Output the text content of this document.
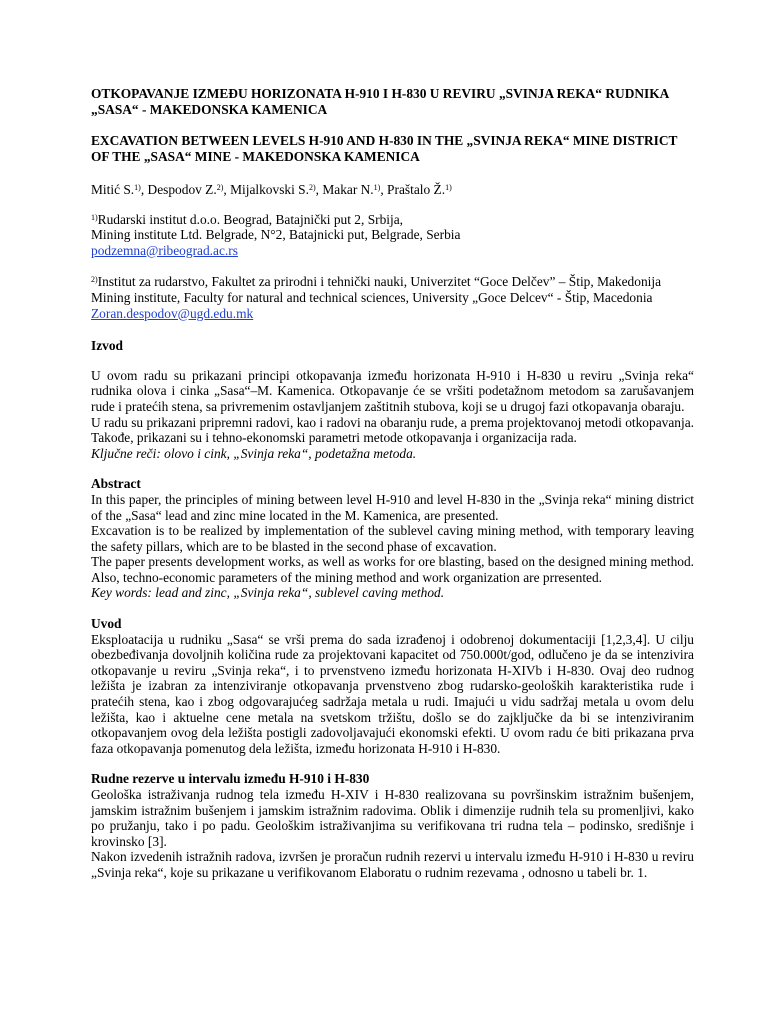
OTKOPAVANJE IZMEĐU HORIZONATA H-910 I H-830 U REVIRU „SVINJA REKA“ RUDNIKA „SASA“ - MAKEDONSKA KAMENICA

EXCAVATION BETWEEN LEVELS H-910 AND H-830 IN THE „SVINJA REKA“ MINE DISTRICT OF THE „SASA“ MINE - MAKEDONSKA KAMENICA

Mitić S.$^{1)}$, Despodov Z.$^{2)}$, Mijalkovski S.$^{2)}$, Makar N.$^{1)}$, Praštalo Ž.$^{1)}$

$^{1)}$Rudarski institut d.o.o. Beograd, Batajnički put 2, Srbija,

Mining institute Ltd. Belgrade, N°2, Batajnicki put, Belgrade, Serbia

podzemna@ribeograd.ac.rs

$^{2)}$Institut za rudarstvo, Fakultet za prirodni i tehnički nauki, Univerzitet “Goce Delčev” – Štip, Makedonija

Mining institute, Faculty for natural and technical sciences, University „Goce Delcev“ - Štip, Macedonia

Zoran.despodov@ugd.edu.mk

Izvod

U ovom radu su prikazani principi otkopavanja između horizonata H-910 i H-830 u reviru „Svinja reka“ rudnika olova i cinka „Sasa“–M. Kamenica. Otkopavanje će se vršiti podetažnom metodom sa zarušavanjem rude i pratećih stena, sa privremenim ostavljanjem zaštitnih stubova, koji se u drugoj fazi otkopavanja obaraju.

U radu su prikazani pripremni radovi, kao i radovi na obaranju rude, a prema projektovanoj metodi otkopavanja. Takođe, prikazani su i tehno-ekonomski parametri metode otkopavanja i organizacija rada.

Ključne reči: olovo i cink, „Svinja reka“, podetažna metoda.

Abstract

In this paper, the principles of mining between level H-910 and level H-830 in the „Svinja reka“ mining district of the „Sasa“ lead and zinc mine located in the M. Kamenica, are presented.

Excavation is to be realized by implementation of the sublevel caving mining method, with temporary leaving the safety pillars, which are to be blasted in the second phase of excavation.

The paper presents development works, as well as works for ore blasting, based on the designed mining method. Also, techno-economic parameters of the mining method and work organization are prresented.

Key words: lead and zinc, „Svinja reka“, sublevel caving method.

Uvod

Eksploatacija u rudniku „Sasa“ se vrši prema do sada izrađenoj i odobrenoj dokumentaciji [1,2,3,4]. U cilju obezbeđivanja dovoljnih količina rude za projektovani kapacitet od 750.000t/god, odlučeno je da se intenzivira otkopavanje u reviru „Svinja reka“, i to prvenstveno između horizonata H-XIVb i H-830. Ovaj deo rudnog ležišta je izabran za intenziviranje otkopavanja prvenstveno zbog rudarsko-geoloških karakteristika rude i pratećih stena, kao i zbog odgovarajućeg sadržaja metala u rudi. Imajući u vidu sadržaj metala u ovom delu ležišta, kao i aktuelne cene metala na svetskom tržištu, došlo se do zajključke da bi se intenziviranim otkopavanjem ovog dela ležišta postigli zadovoljavajući ekonomski efekti. U ovom radu će biti prikazana prva faza otkopavanja pomenutog dela ležišta, između horizonata H-910 i H-830.

Rudne rezerve u intervalu između H-910 i H-830

Geološka istraživanja rudnog tela između H-XIV i H-830 realizovana su površinskim istražnim bušenjem, jamskim istražnim bušenjem i jamskim istražnim radovima. Oblik i dimenzije rudnih tela su promenljivi, kako po pružanju, tako i po padu. Geološkim istraživanjima su verifikovana tri rudna tela – podinsko, središnje i krovinsko [3].

Nakon izvedenih istražnih radova, izvršen je proračun rudnih rezervi u intervalu između H-910 i H-830 u reviru „Svinja reka“, koje su prikazane u verifikovanom Elaboratu o rudnim rezevama , odnosno u tabeli br. 1.
